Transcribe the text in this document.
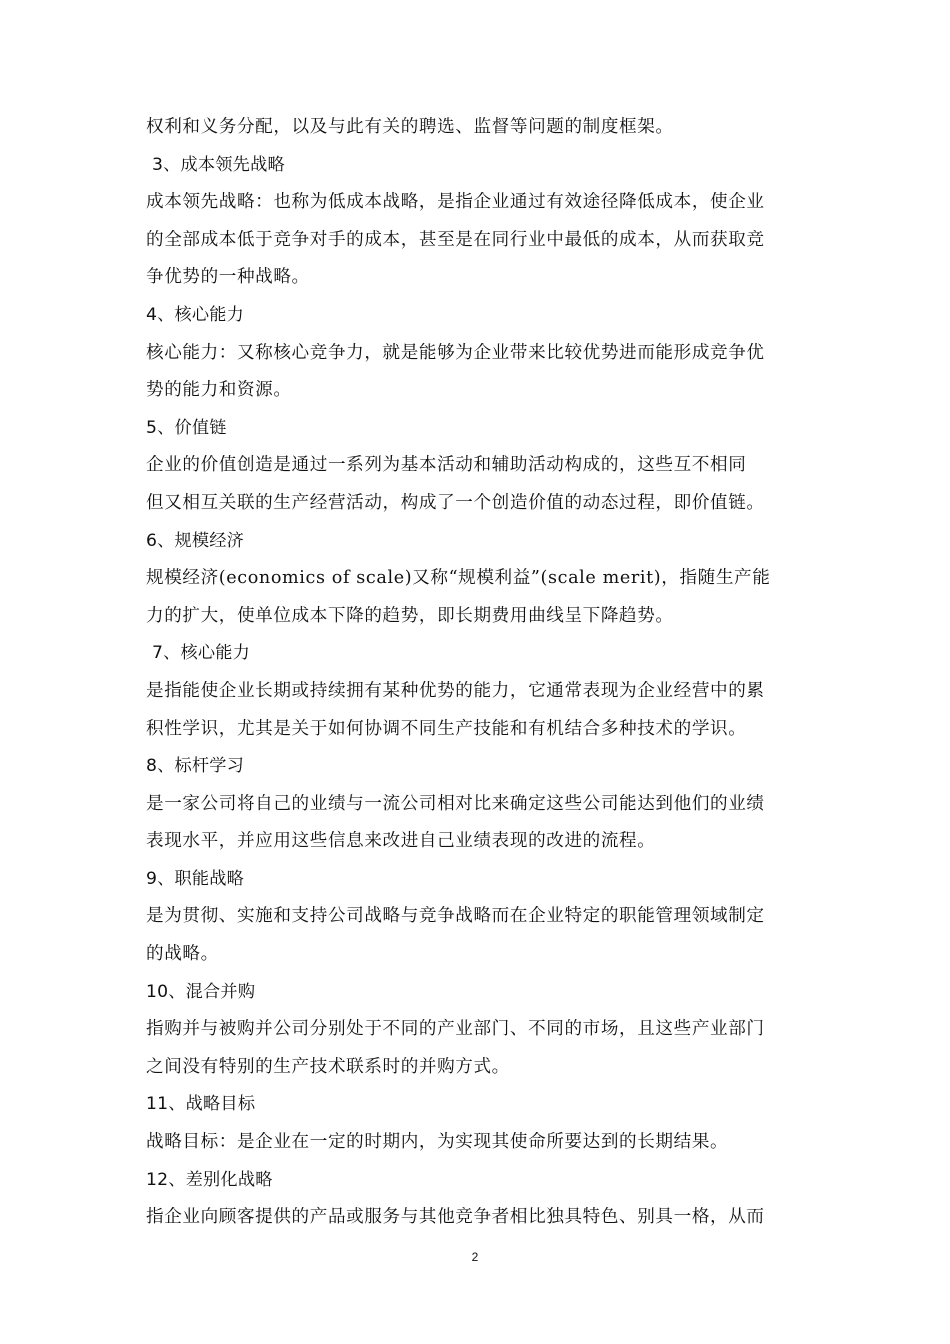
权利和义务分配，以及与此有关的聘选、监督等问题的制度框架。
3、成本领先战略
成本领先战略：也称为低成本战略，是指企业通过有效途径降低成本，使企业
的全部成本低于竞争对手的成本，甚至是在同行业中最低的成本，从而获取竞
争优势的一种战略。
4、核心能力
核心能力：又称核心竞争力，就是能够为企业带来比较优势进而能形成竞争优
势的能力和资源。
5、价值链
企业的价值创造是通过一系列为基本活动和辅助活动构成的，这些互不相同
但又相互关联的生产经营活动，构成了一个创造价值的动态过程，即价值链。
6、规模经济
规模经济(economics of scale)又称“规模利益”(scale merit)，指随生产能
力的扩大，使单位成本下降的趋势，即长期费用曲线呈下降趋势。
7、核心能力
是指能使企业长期或持续拥有某种优势的能力，它通常表现为企业经营中的累
积性学识，尤其是关于如何协调不同生产技能和有机结合多种技术的学识。
8、标杆学习
是一家公司将自己的业绩与一流公司相对比来确定这些公司能达到他们的业绩
表现水平，并应用这些信息来改进自己业绩表现的改进的流程。
9、职能战略
是为贯彻、实施和支持公司战略与竞争战略而在企业特定的职能管理领域制定
的战略。
10、混合并购
指购并与被购并公司分别处于不同的产业部门、不同的市场，且这些产业部门
之间没有特别的生产技术联系时的并购方式。
11、战略目标
战略目标：是企业在一定的时期内，为实现其使命所要达到的长期结果。
12、差别化战略
指企业向顾客提供的产品或服务与其他竞争者相比独具特色、别具一格，从而
2
